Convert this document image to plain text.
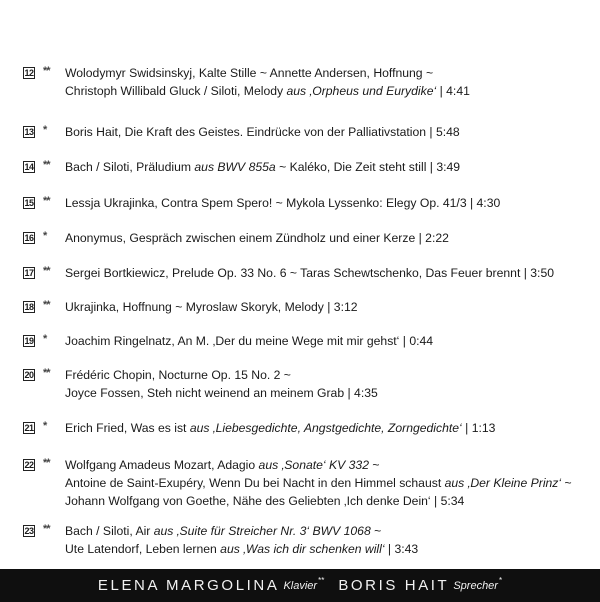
12 **	Wolodymyr Swidsinskyj, Kalte Stille ~ Annette Andersen, Hoffnung ~
Christoph Willibald Gluck / Siloti, Melody aus ‚Orpheus und Eurydike‘ | 4:41
13 *	Boris Hait, Die Kraft des Geistes. Eindrücke von der Palliativstation | 5:48
14 **	Bach / Siloti, Präludium aus BWV 855a ~ Kaléko, Die Zeit steht still | 3:49
15 **	Lessja Ukrajinka, Contra Spem Spero! ~ Mykola Lyssenko: Elegy Op. 41/3 | 4:30
16 *	Anonymus, Gespräch zwischen einem Zündholz und einer Kerze | 2:22
17 **	Sergei Bortkiewicz, Prelude Op. 33 No. 6 ~ Taras Schewtschenko, Das Feuer brennt | 3:50
18 **	Ukrajinka, Hoffnung ~ Myroslaw Skoryk, Melody | 3:12
19 *	Joachim Ringelnatz, An M. ‚Der du meine Wege mit mir gehst‘ | 0:44
20 **	Frédéric Chopin, Nocturne Op. 15 No. 2 ~
Joyce Fossen, Steh nicht weinend an meinem Grab | 4:35
21 *	Erich Fried, Was es ist aus ‚Liebesgedichte, Angstgedichte, Zorngedichte‘ | 1:13
22 **	Wolfgang Amadeus Mozart, Adagio aus ‚Sonate‘ KV 332 ~
Antoine de Saint-Exupéry, Wenn Du bei Nacht in den Himmel schaust aus ‚Der Kleine Prinz‘ ~
Johann Wolfgang von Goethe, Nähe des Geliebten ‚Ich denke Dein‘ | 5:34
23 **	Bach / Siloti, Air aus ‚Suite für Streicher Nr. 3‘ BWV 1068 ~
Ute Latendorf, Leben lernen aus ‚Was ich dir schenken will‘ | 3:43
ELENA MARGOLINA Klavier** BORIS HAIT Sprecher*
